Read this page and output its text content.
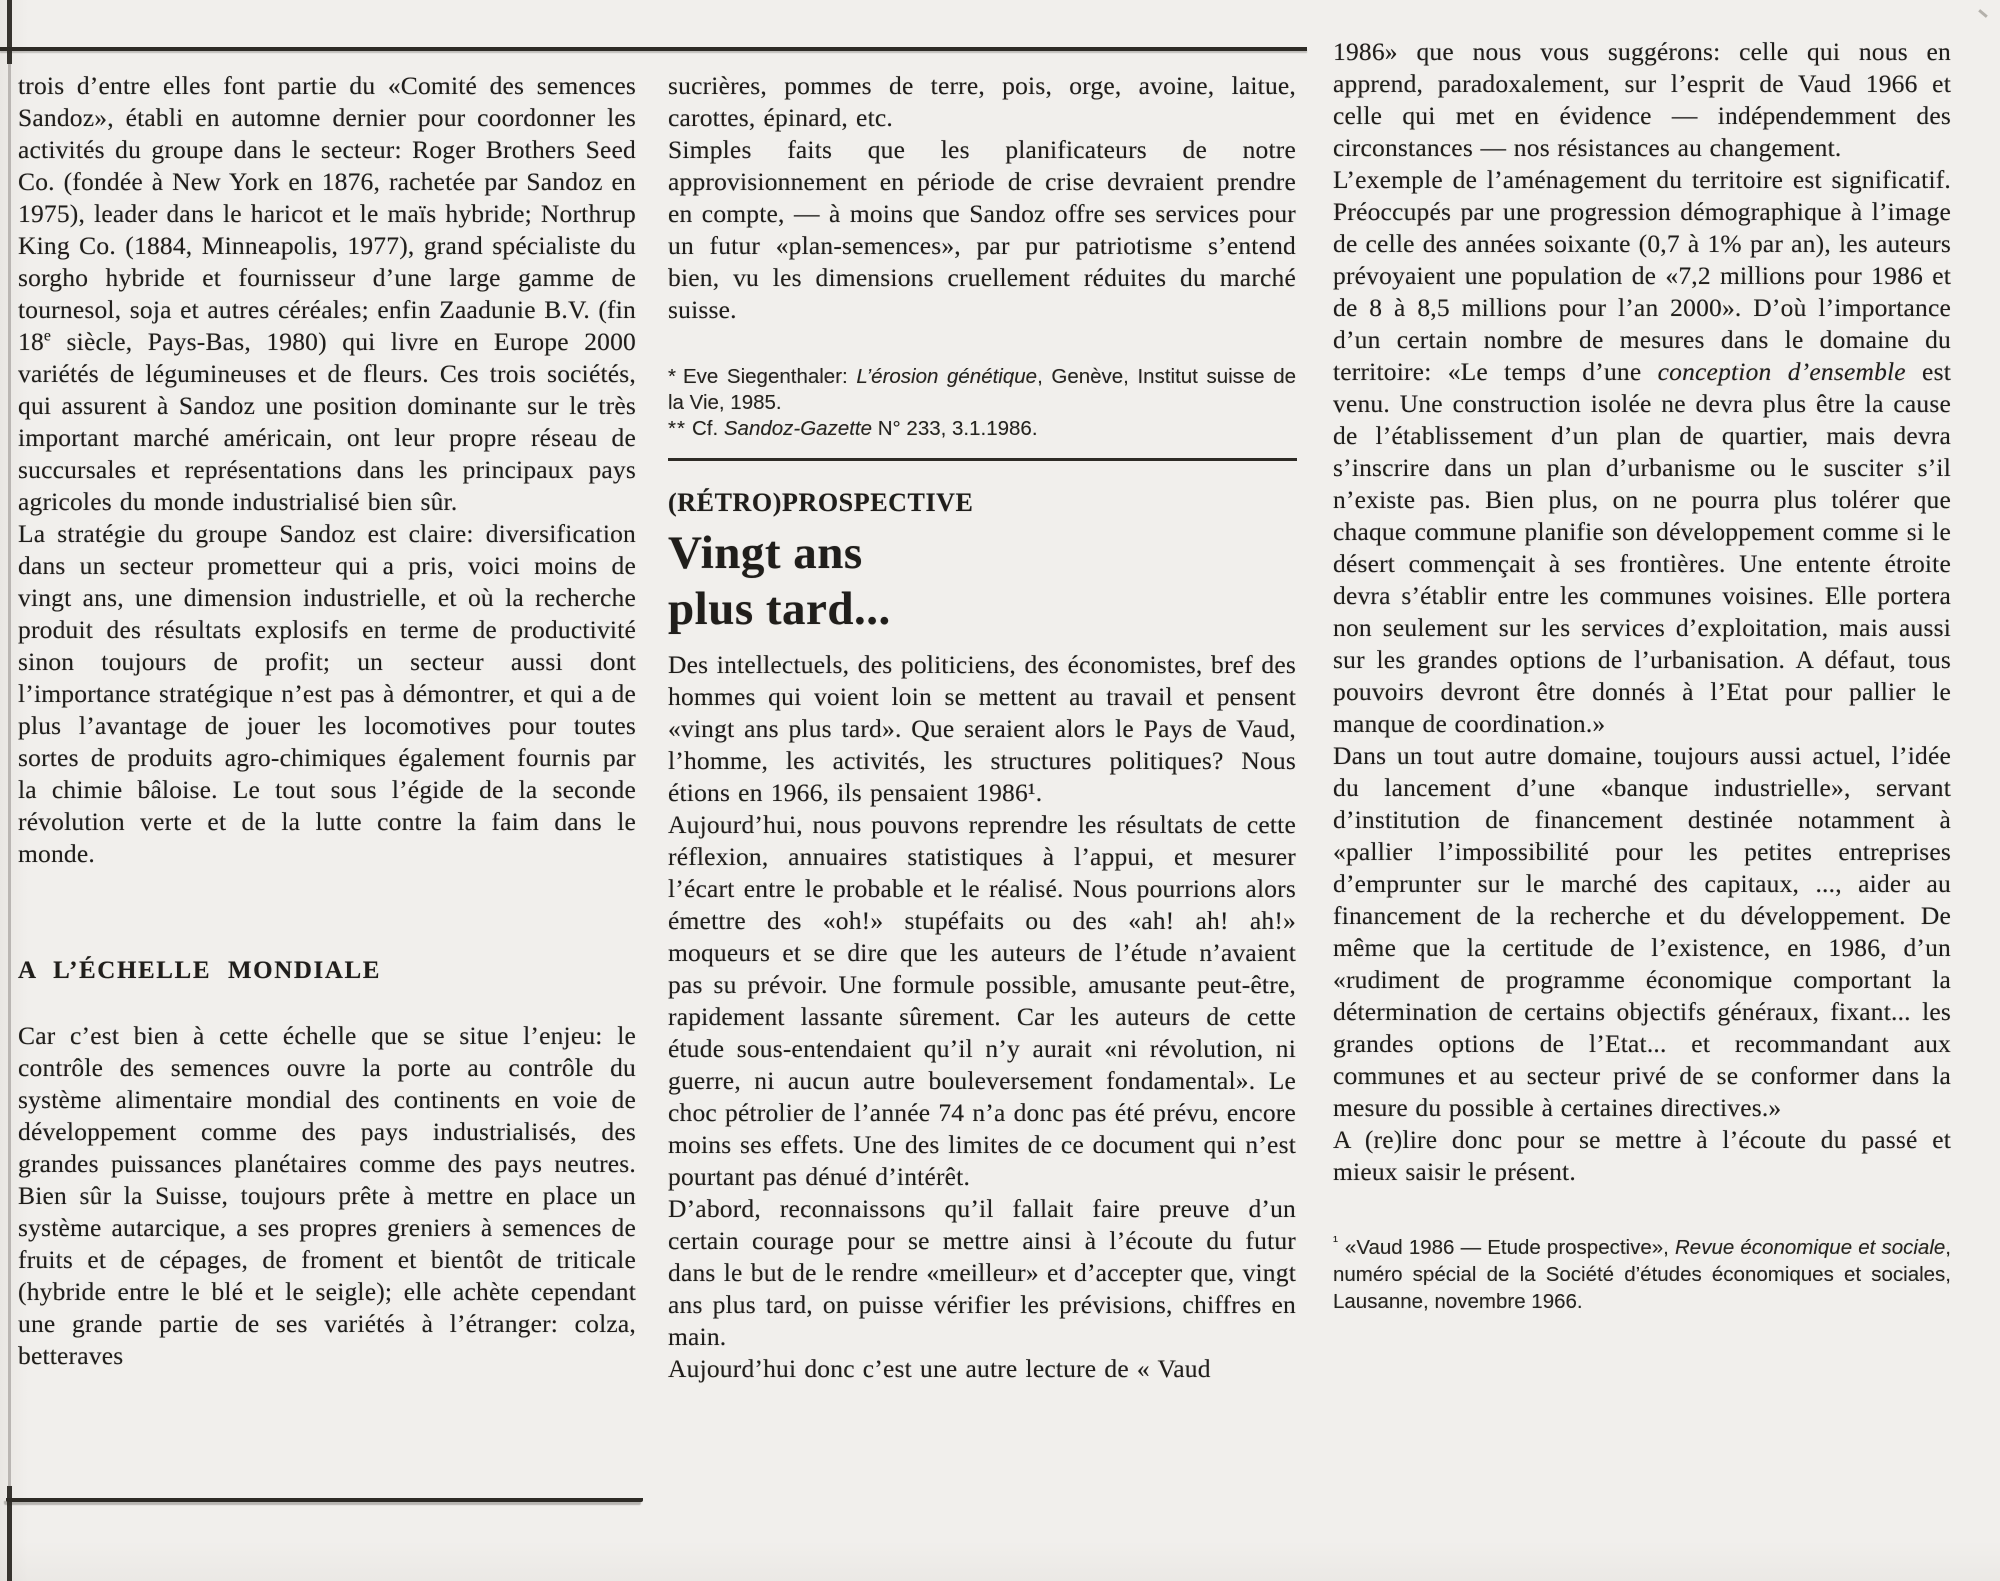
trois d’entre elles font partie du «Comité des semences Sandoz», établi en automne dernier pour coordonner les activités du groupe dans le secteur: Roger Brothers Seed Co. (fondée à New York en 1876, rachetée par Sandoz en 1975), leader dans le haricot et le maïs hybride; Northrup King Co. (1884, Minneapolis, 1977), grand spécialiste du sorgho hybride et fournisseur d’une large gamme de tournesol, soja et autres céréales; enfin Zaadunie B.V. (fin 18e siècle, Pays-Bas, 1980) qui livre en Europe 2000 variétés de légumineuses et de fleurs. Ces trois sociétés, qui assurent à Sandoz une position dominante sur le très important marché américain, ont leur propre réseau de succursales et représentations dans les principaux pays agricoles du monde industrialisé bien sûr.

La stratégie du groupe Sandoz est claire: diversification dans un secteur prometteur qui a pris, voici moins de vingt ans, une dimension industrielle, et où la recherche produit des résultats explosifs en terme de productivité sinon toujours de profit; un secteur aussi dont l’importance stratégique n’est pas à démontrer, et qui a de plus l’avantage de jouer les locomotives pour toutes sortes de produits agro-chimiques également fournis par la chimie bâloise. Le tout sous l’égide de la seconde révolution verte et de la lutte contre la faim dans le monde.

A L’ÉCHELLE MONDIALE

Car c’est bien à cette échelle que se situe l’enjeu: le contrôle des semences ouvre la porte au contrôle du système alimentaire mondial des continents en voie de développement comme des pays industrialisés, des grandes puissances planétaires comme des pays neutres. Bien sûr la Suisse, toujours prête à mettre en place un système autarcique, a ses propres greniers à semences de fruits et de cépages, de froment et bientôt de triticale (hybride entre le blé et le seigle); elle achète cependant une grande partie de ses variétés à l’étranger: colza, betteraves

sucrières, pommes de terre, pois, orge, avoine, laitue, carottes, épinard, etc.

Simples faits que les planificateurs de notre approvisionnement en période de crise devraient prendre en compte, — à moins que Sandoz offre ses services pour un futur «plan-semences», par pur patriotisme s’entend bien, vu les dimensions cruellement réduites du marché suisse.

* Eve Siegenthaler: L’érosion génétique, Genève, Institut suisse de la Vie, 1985.

** Cf. Sandoz-Gazette N° 233, 3.1.1986.

(RÉTRO)PROSPECTIVE
Vingt ans
plus tard...

Des intellectuels, des politiciens, des économistes, bref des hommes qui voient loin se mettent au travail et pensent «vingt ans plus tard». Que seraient alors le Pays de Vaud, l’homme, les activités, les structures politiques? Nous étions en 1966, ils pensaient 1986¹.

Aujourd’hui, nous pouvons reprendre les résultats de cette réflexion, annuaires statistiques à l’appui, et mesurer l’écart entre le probable et le réalisé. Nous pourrions alors émettre des «oh!» stupéfaits ou des «ah! ah! ah!» moqueurs et se dire que les auteurs de l’étude n’avaient pas su prévoir. Une formule possible, amusante peut-être, rapidement lassante sûrement. Car les auteurs de cette étude sous-entendaient qu’il n’y aurait «ni révolution, ni guerre, ni aucun autre bouleversement fondamental». Le choc pétrolier de l’année 74 n’a donc pas été prévu, encore moins ses effets. Une des limites de ce document qui n’est pourtant pas dénué d’intérêt.

D’abord, reconnaissons qu’il fallait faire preuve d’un certain courage pour se mettre ainsi à l’écoute du futur dans le but de le rendre «meilleur» et d’accepter que, vingt ans plus tard, on puisse vérifier les prévisions, chiffres en main.

Aujourd’hui donc c’est une autre lecture de « Vaud

1986» que nous vous suggérons: celle qui nous en apprend, paradoxalement, sur l’esprit de Vaud 1966 et celle qui met en évidence — indépendemment des circonstances — nos résistances au changement.

L’exemple de l’aménagement du territoire est significatif. Préoccupés par une progression démographique à l’image de celle des années soixante (0,7 à 1% par an), les auteurs prévoyaient une population de «7,2 millions pour 1986 et de 8 à 8,5 millions pour l’an 2000». D’où l’importance d’un certain nombre de mesures dans le domaine du territoire: «Le temps d’une conception d’ensemble est venu. Une construction isolée ne devra plus être la cause de l’établissement d’un plan de quartier, mais devra s’inscrire dans un plan d’urbanisme ou le susciter s’il n’existe pas. Bien plus, on ne pourra plus tolérer que chaque commune planifie son développement comme si le désert commençait à ses frontières. Une entente étroite devra s’établir entre les communes voisines. Elle portera non seulement sur les services d’exploitation, mais aussi sur les grandes options de l’urbanisation. A défaut, tous pouvoirs devront être donnés à l’Etat pour pallier le manque de coordination.»

Dans un tout autre domaine, toujours aussi actuel, l’idée du lancement d’une «banque industrielle», servant d’institution de financement destinée notamment à «pallier l’impossibilité pour les petites entreprises d’emprunter sur le marché des capitaux, ..., aider au financement de la recherche et du développement. De même que la certitude de l’existence, en 1986, d’un «rudiment de programme économique comportant la détermination de certains objectifs généraux, fixant... les grandes options de l’Etat... et recommandant aux communes et au secteur privé de se conformer dans la mesure du possible à certaines directives.»

A (re)lire donc pour se mettre à l’écoute du passé et mieux saisir le présent.

$^{^1}$ «Vaud 1986 — Etude prospective», Revue économique et sociale, numéro spécial de la Société d’études économiques et sociales, Lausanne, novembre 1966.
